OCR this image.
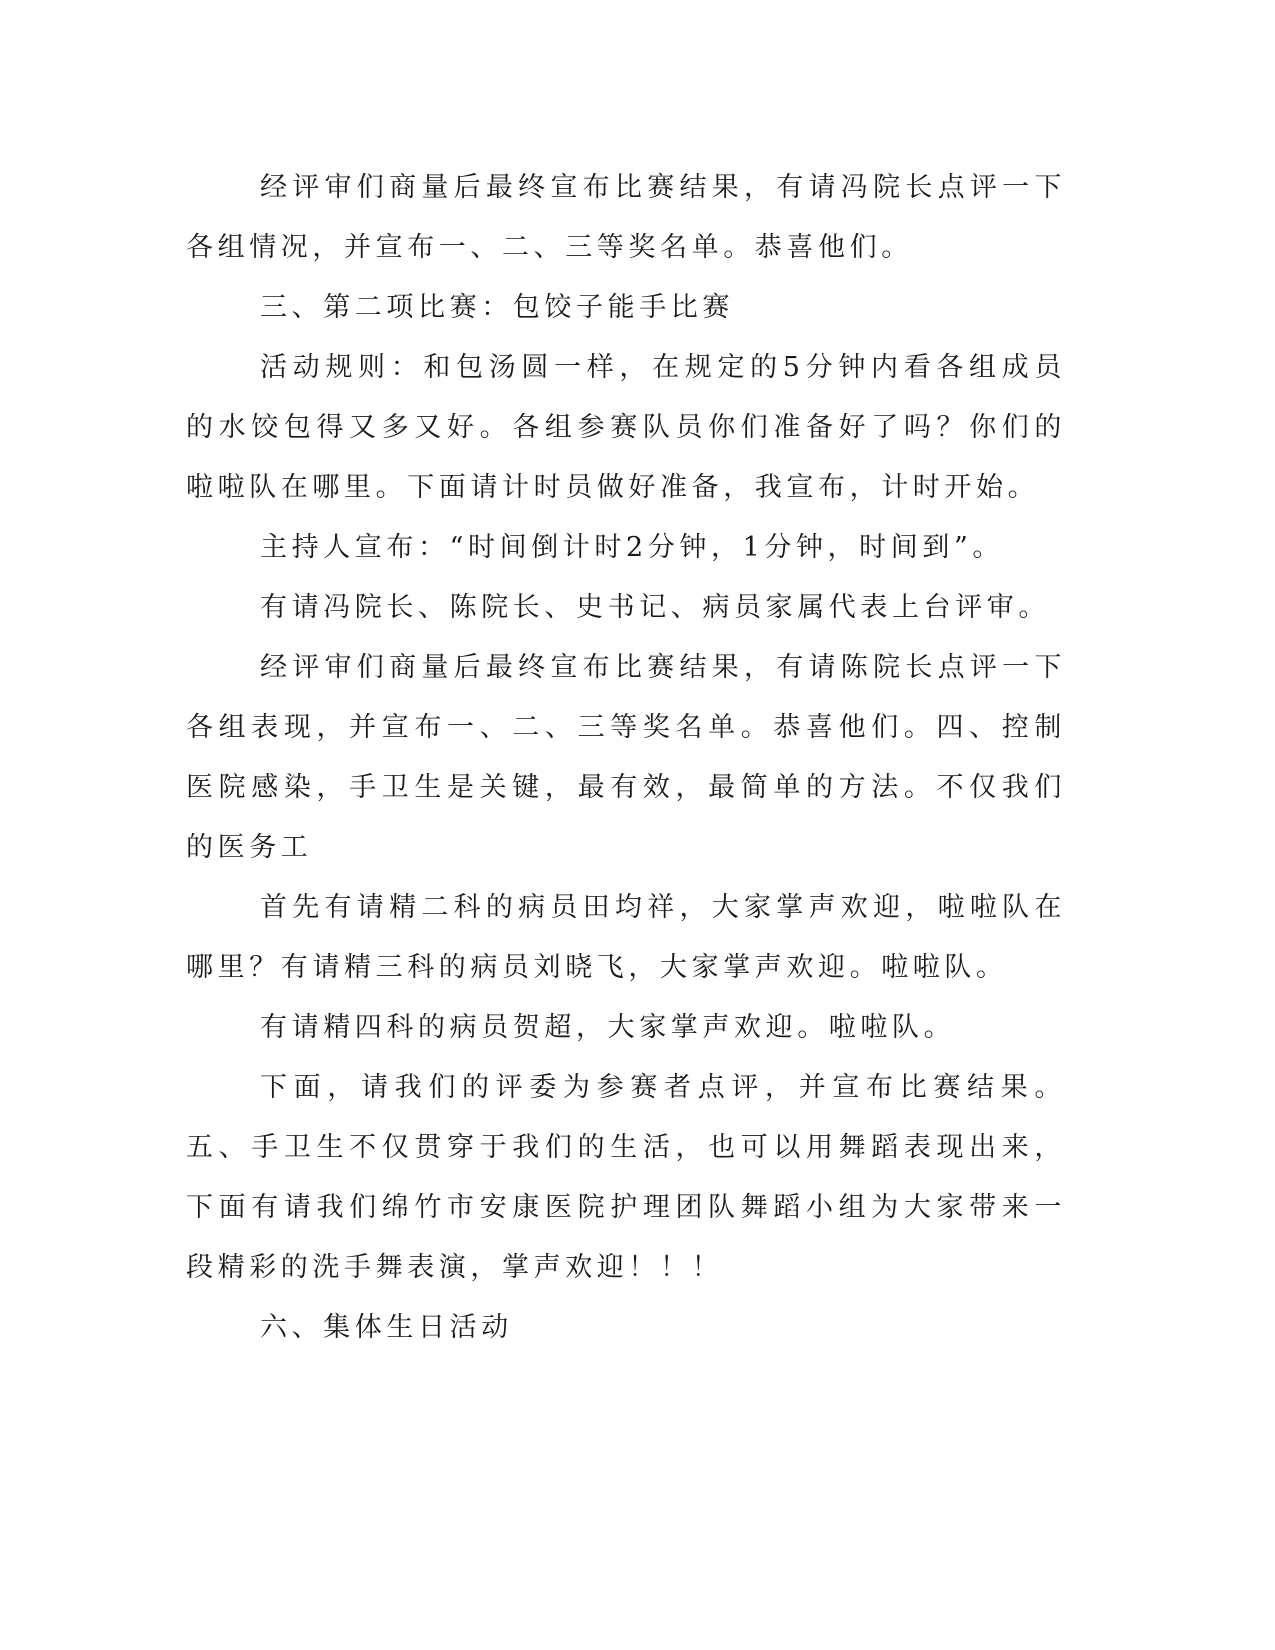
经评审们商量后最终宣布比赛结果，有请冯院长点评一下各组情况，并宣布一、二、三等奖名单。恭喜他们。

三、第二项比赛：包饺子能手比赛

活动规则：和包汤圆一样，在规定的5分钟内看各组成员的水饺包得又多又好。各组参赛队员你们准备好了吗？你们的啦啦队在哪里。下面请计时员做好准备，我宣布，计时开始。

主持人宣布：“时间倒计时2分钟，1分钟，时间到”。

有请冯院长、陈院长、史书记、病员家属代表上台评审。

经评审们商量后最终宣布比赛结果，有请陈院长点评一下各组表现，并宣布一、二、三等奖名单。恭喜他们。四、控制医院感染，手卫生是关键，最有效，最简单的方法。不仅我们的医务工

首先有请精二科的病员田均祥，大家掌声欢迎，啦啦队在哪里？有请精三科的病员刘晓飞，大家掌声欢迎。啦啦队。

有请精四科的病员贺超，大家掌声欢迎。啦啦队。

下面，请我们的评委为参赛者点评，并宣布比赛结果。五、手卫生不仅贯穿于我们的生活，也可以用舞蹈表现出来，下面有请我们绵竹市安康医院护理团队舞蹈小组为大家带来一段精彩的洗手舞表演，掌声欢迎！！！

六、集体生日活动
